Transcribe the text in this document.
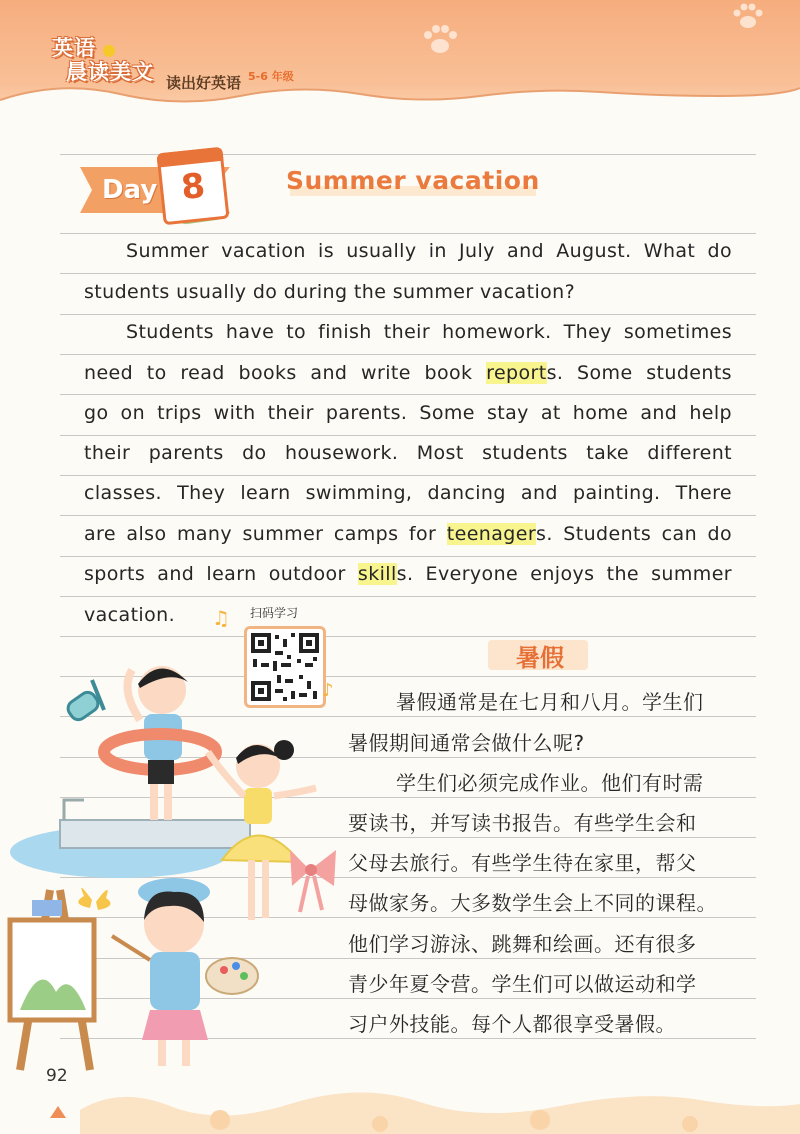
英语
晨读美文
●
读出好英语 5-6 年级
Day 8	Summer vacation
Summer vacation is usually in July and August. What do
students usually do during the summer vacation?
Students have to finish their homework. They sometimes
need to read books and write book reports. Some students
go on trips with their parents. Some stay at home and help
their parents do housework. Most students take different
classes. They learn swimming, dancing and painting. There
are also many summer camps for teenagers. Students can do
sports and learn outdoor skills. Everyone enjoys the summer
vacation.	♫ 扫码学习
♪
暑假
暑假通常是在七月和八月。学生们
暑假期间通常会做什么呢?
学生们必须完成作业。他们有时需
要读书，并写读书报告。有些学生会和
父母去旅行。有些学生待在家里，帮父
母做家务。大多数学生会上不同的课程。
他们学习游泳、跳舞和绘画。还有很多
青少年夏令营。学生们可以做运动和学
习户外技能。每个人都很享受暑假。
92
